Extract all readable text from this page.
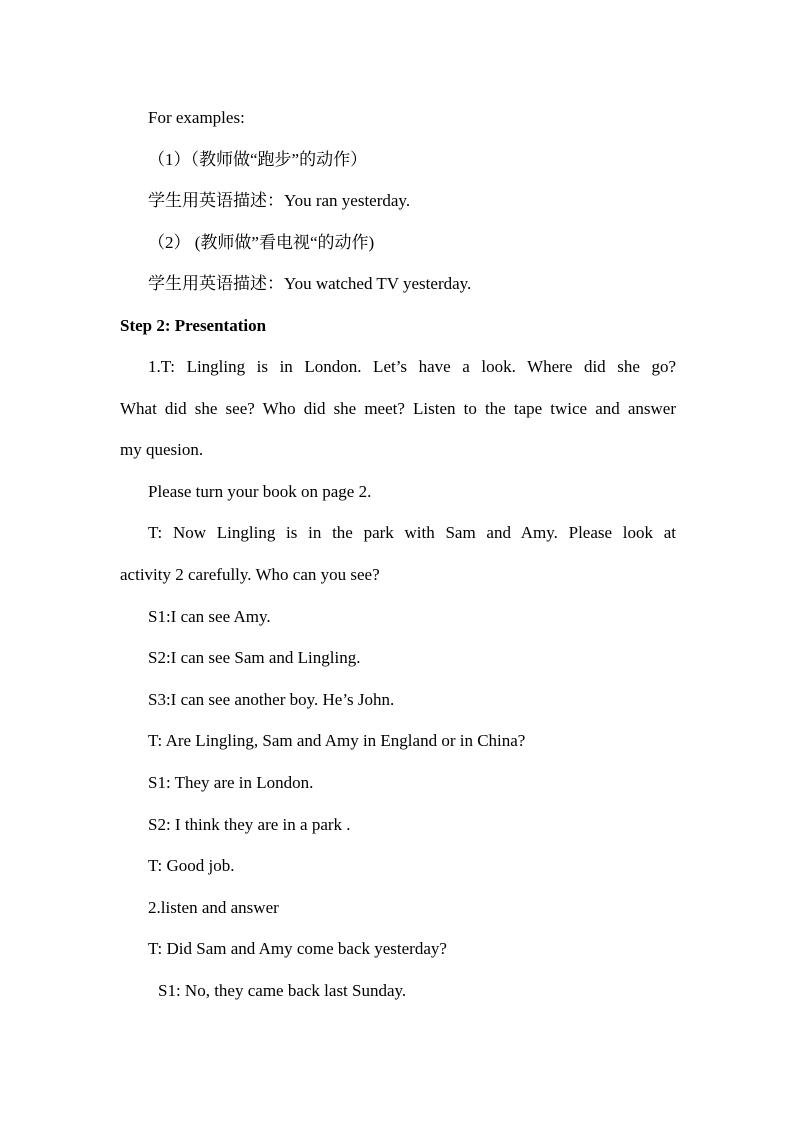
For examples:
（1）（教师做“跑步”的动作）
学生用英语描述：You ran yesterday.
（2） (教师做”看电视“的动作)
学生用英语描述：You watched TV yesterday.
Step 2: Presentation
1.T: Lingling is in London. Let’s have a look. Where did she go?
What did she see? Who did she meet? Listen to the tape twice and answer
my quesion.
Please turn your book on page 2.
T: Now Lingling is in the park with Sam and Amy. Please look at
activity 2 carefully. Who can you see?
S1:I can see Amy.
S2:I can see Sam and Lingling.
S3:I can see another boy. He’s John.
T: Are Lingling, Sam and Amy in England or in China?
S1: They are in London.
S2: I think they are in a park .
T: Good job.
2.listen and answer
T: Did Sam and Amy come back yesterday?
S1: No, they came back last Sunday.
